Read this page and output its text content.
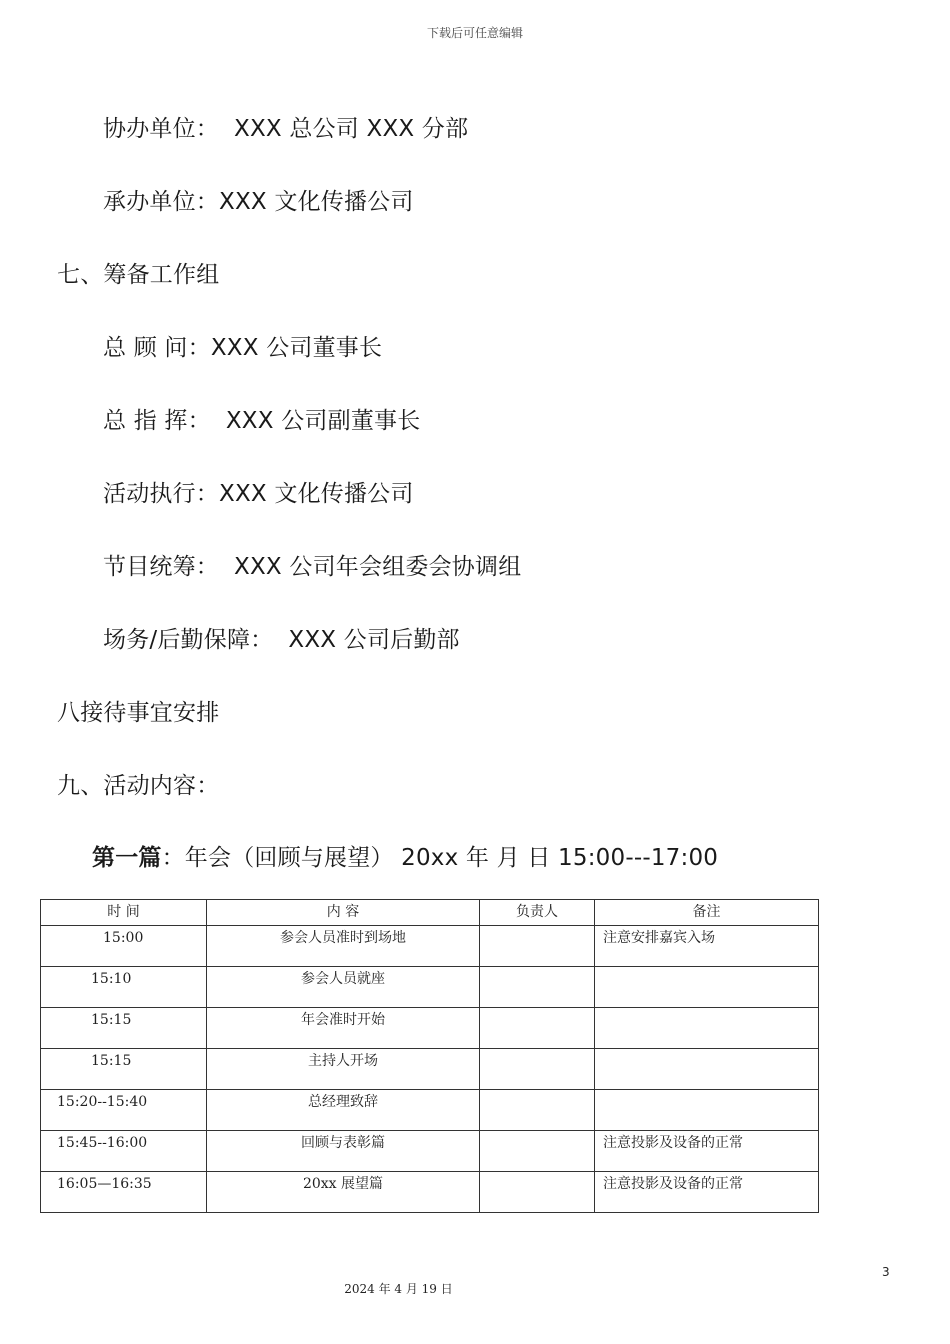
下载后可任意编辑
协办单位：  XXX 总公司 XXX 分部
承办单位：XXX 文化传播公司
七、筹备工作组
总 顾 问：XXX 公司董事长
总 指 挥：  XXX 公司副董事长
活动执行：XXX 文化传播公司
节目统筹：  XXX 公司年会组委会协调组
场务/后勤保障：  XXX 公司后勤部
八接待事宜安排
九、活动内容：
第一篇：年会（回顾与展望） 20xx 年 月 日 15:00---17:00
时 间	内 容	负责人	备注
15:00	参会人员准时到场地		注意安排嘉宾入场
15:10	参会人员就座		
15:15	年会准时开始		
15:15	主持人开场		
15:20--15:40	总经理致辞		
15:45--16:00	回顾与表彰篇		注意投影及设备的正常
16:05—16:35	20xx 展望篇		注意投影及设备的正常
3
2024 年 4 月 19 日
